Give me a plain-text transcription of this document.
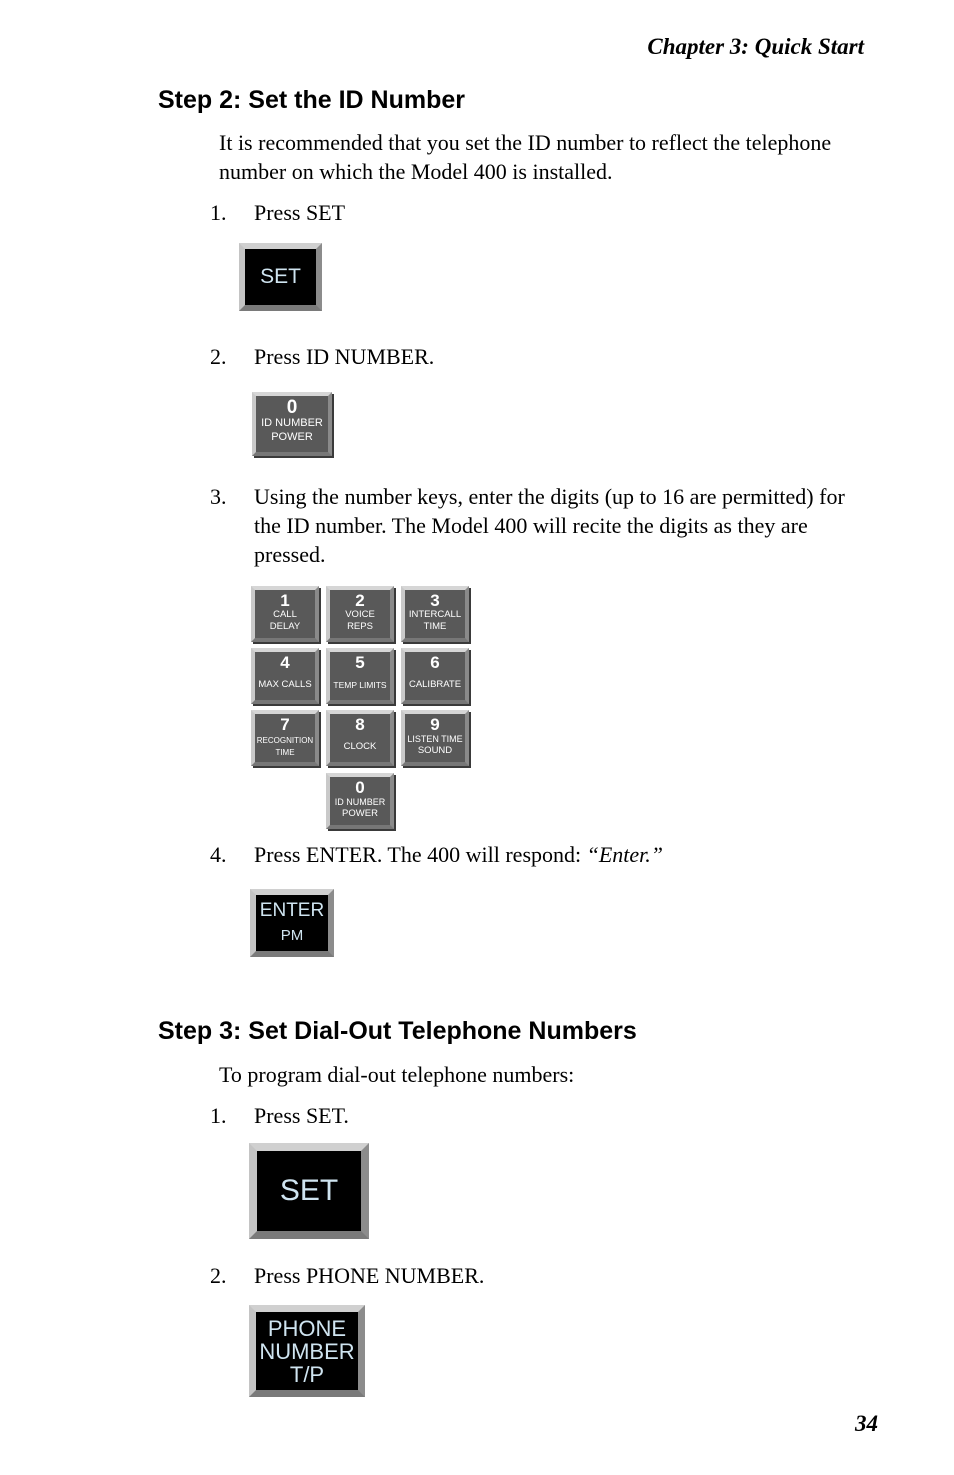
Chapter 3: Quick Start
Step 2: Set the ID Number
It is recommended that you set the ID number to reflect the telephone number on which the Model 400 is installed.
1. Press SET
SET
2. Press ID NUMBER.
0
ID NUMBER
POWER
3. Using the number keys, enter the digits (up to 16 are permitted) for the ID number. The Model 400 will recite the digits as they are pressed.
1
CALL
DELAY
2
VOICE
REPS
3
INTERCALL
TIME
4
MAX CALLS
5
TEMP LIMITS
6
CALIBRATE
7
RECOGNITION
TIME
8
CLOCK
9
LISTEN TIME
SOUND
0
ID NUMBER
POWER
4. Press ENTER. The 400 will respond: “Enter.”
ENTER
PM
Step 3: Set Dial-Out Telephone Numbers
To program dial-out telephone numbers:
1. Press SET.
SET
2. Press PHONE NUMBER.
PHONE
NUMBER
T/P
34
